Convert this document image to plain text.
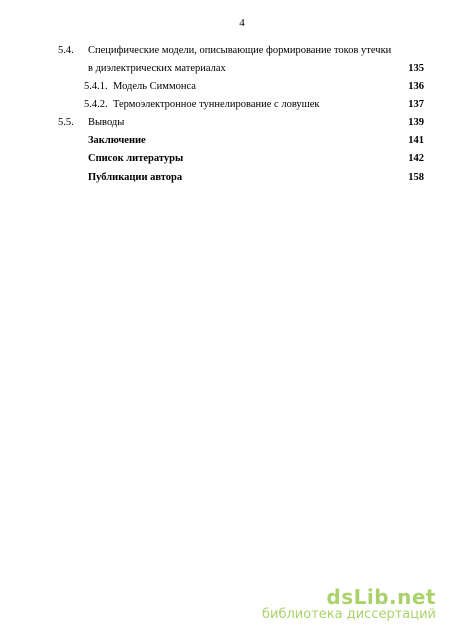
4
5.4. Специфические модели, описывающие формирование токов утечки
в диэлектрических материалах	135
5.4.1. Модель Симмонса	136
5.4.2. Термоэлектронное туннелирование с ловушек	137
5.5. Выводы	139
Заключение	141
Список литературы	142
Публикации автора	158
dsLib.net
библиотека диссертаций
